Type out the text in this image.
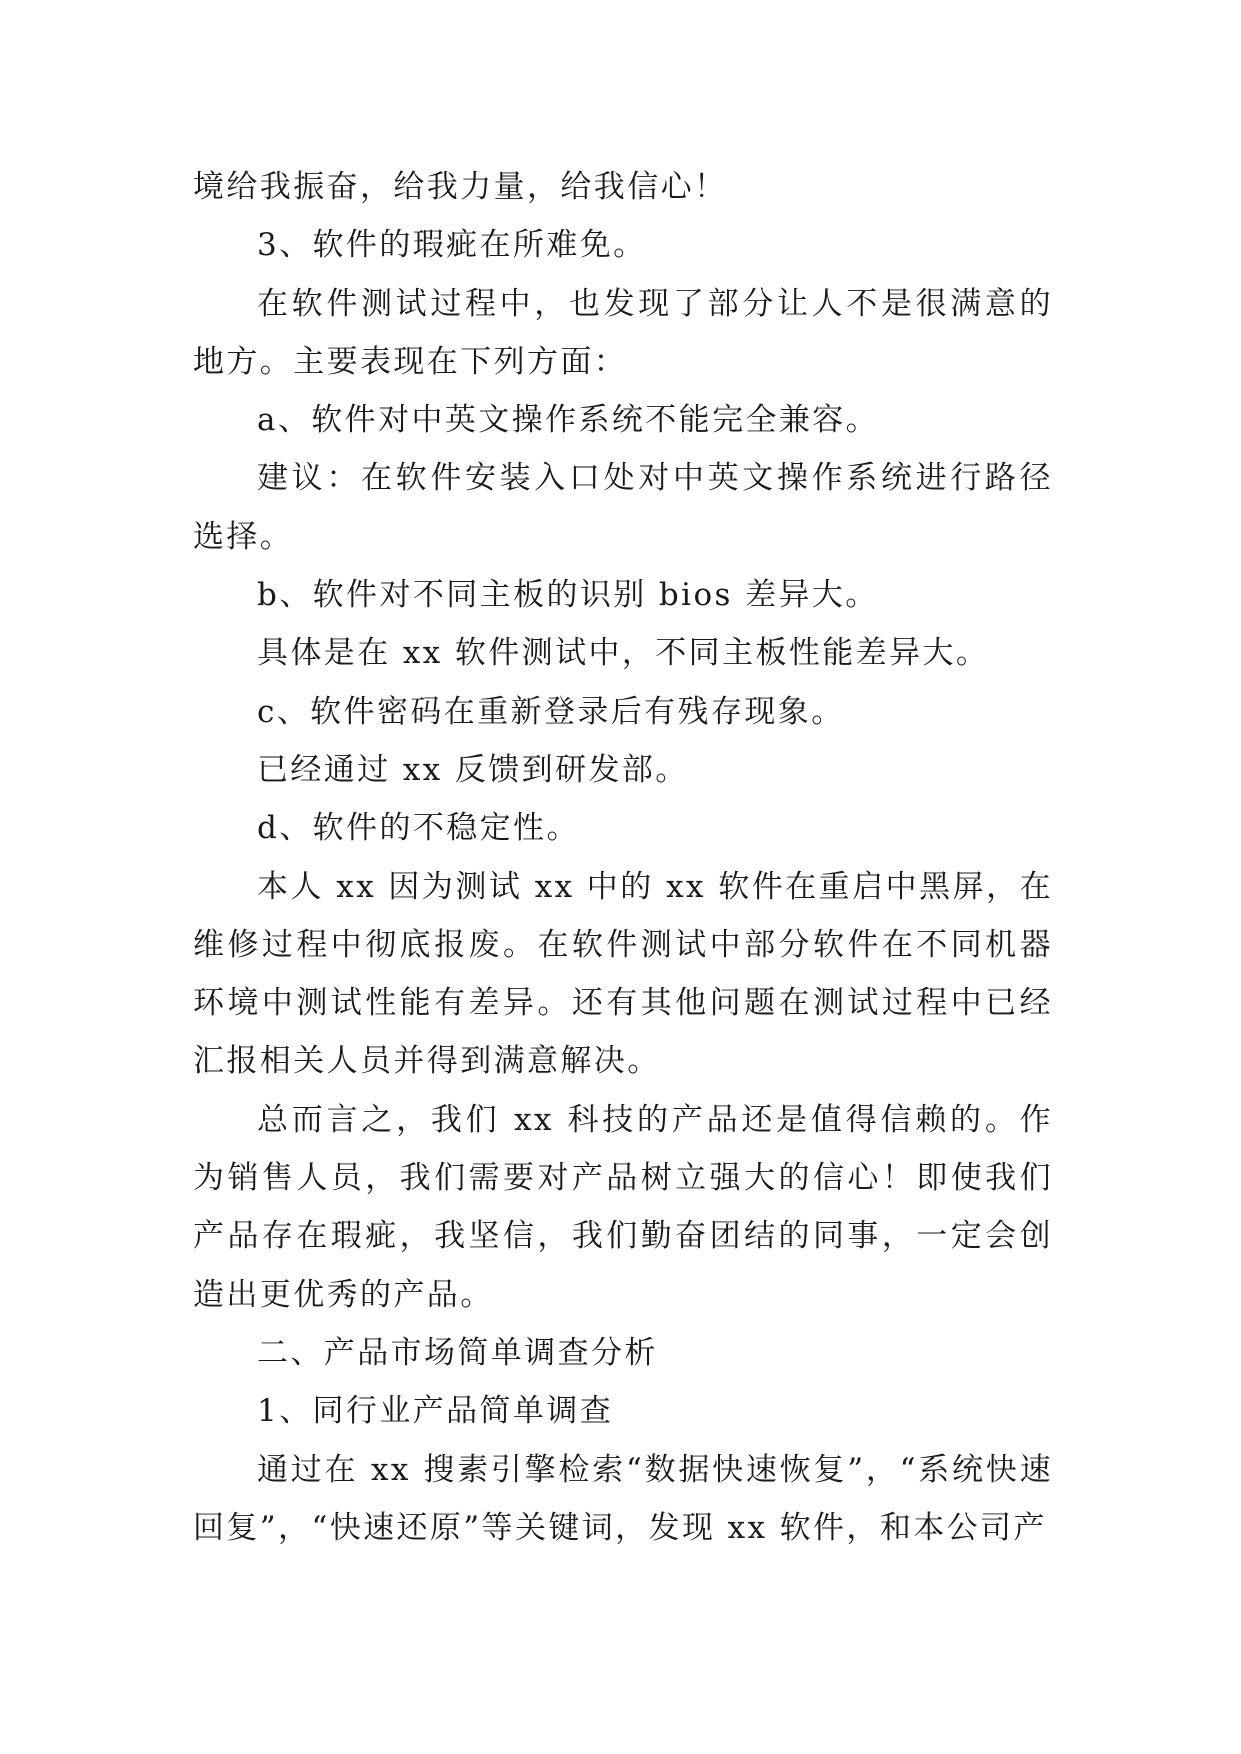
境给我振奋，给我力量，给我信心！

3、软件的瑕疵在所难免。

在软件测试过程中，也发现了部分让人不是很满意的地方。主要表现在下列方面：

a、软件对中英文操作系统不能完全兼容。

建议：在软件安装入口处对中英文操作系统进行路径选择。

b、软件对不同主板的识别 bios 差异大。

具体是在 xx 软件测试中，不同主板性能差异大。

c、软件密码在重新登录后有残存现象。

已经通过 xx 反馈到研发部。

d、软件的不稳定性。

本人 xx 因为测试 xx 中的 xx 软件在重启中黑屏，在维修过程中彻底报废。在软件测试中部分软件在不同机器环境中测试性能有差异。还有其他问题在测试过程中已经汇报相关人员并得到满意解决。

总而言之，我们 xx 科技的产品还是值得信赖的。作为销售人员，我们需要对产品树立强大的信心！即使我们产品存在瑕疵，我坚信，我们勤奋团结的同事，一定会创造出更优秀的产品。

二、产品市场简单调查分析

1、同行业产品简单调查

通过在 xx 搜素引擎检索“数据快速恢复”，“系统快速回复”，“快速还原”等关键词，发现 xx 软件，和本公司产
